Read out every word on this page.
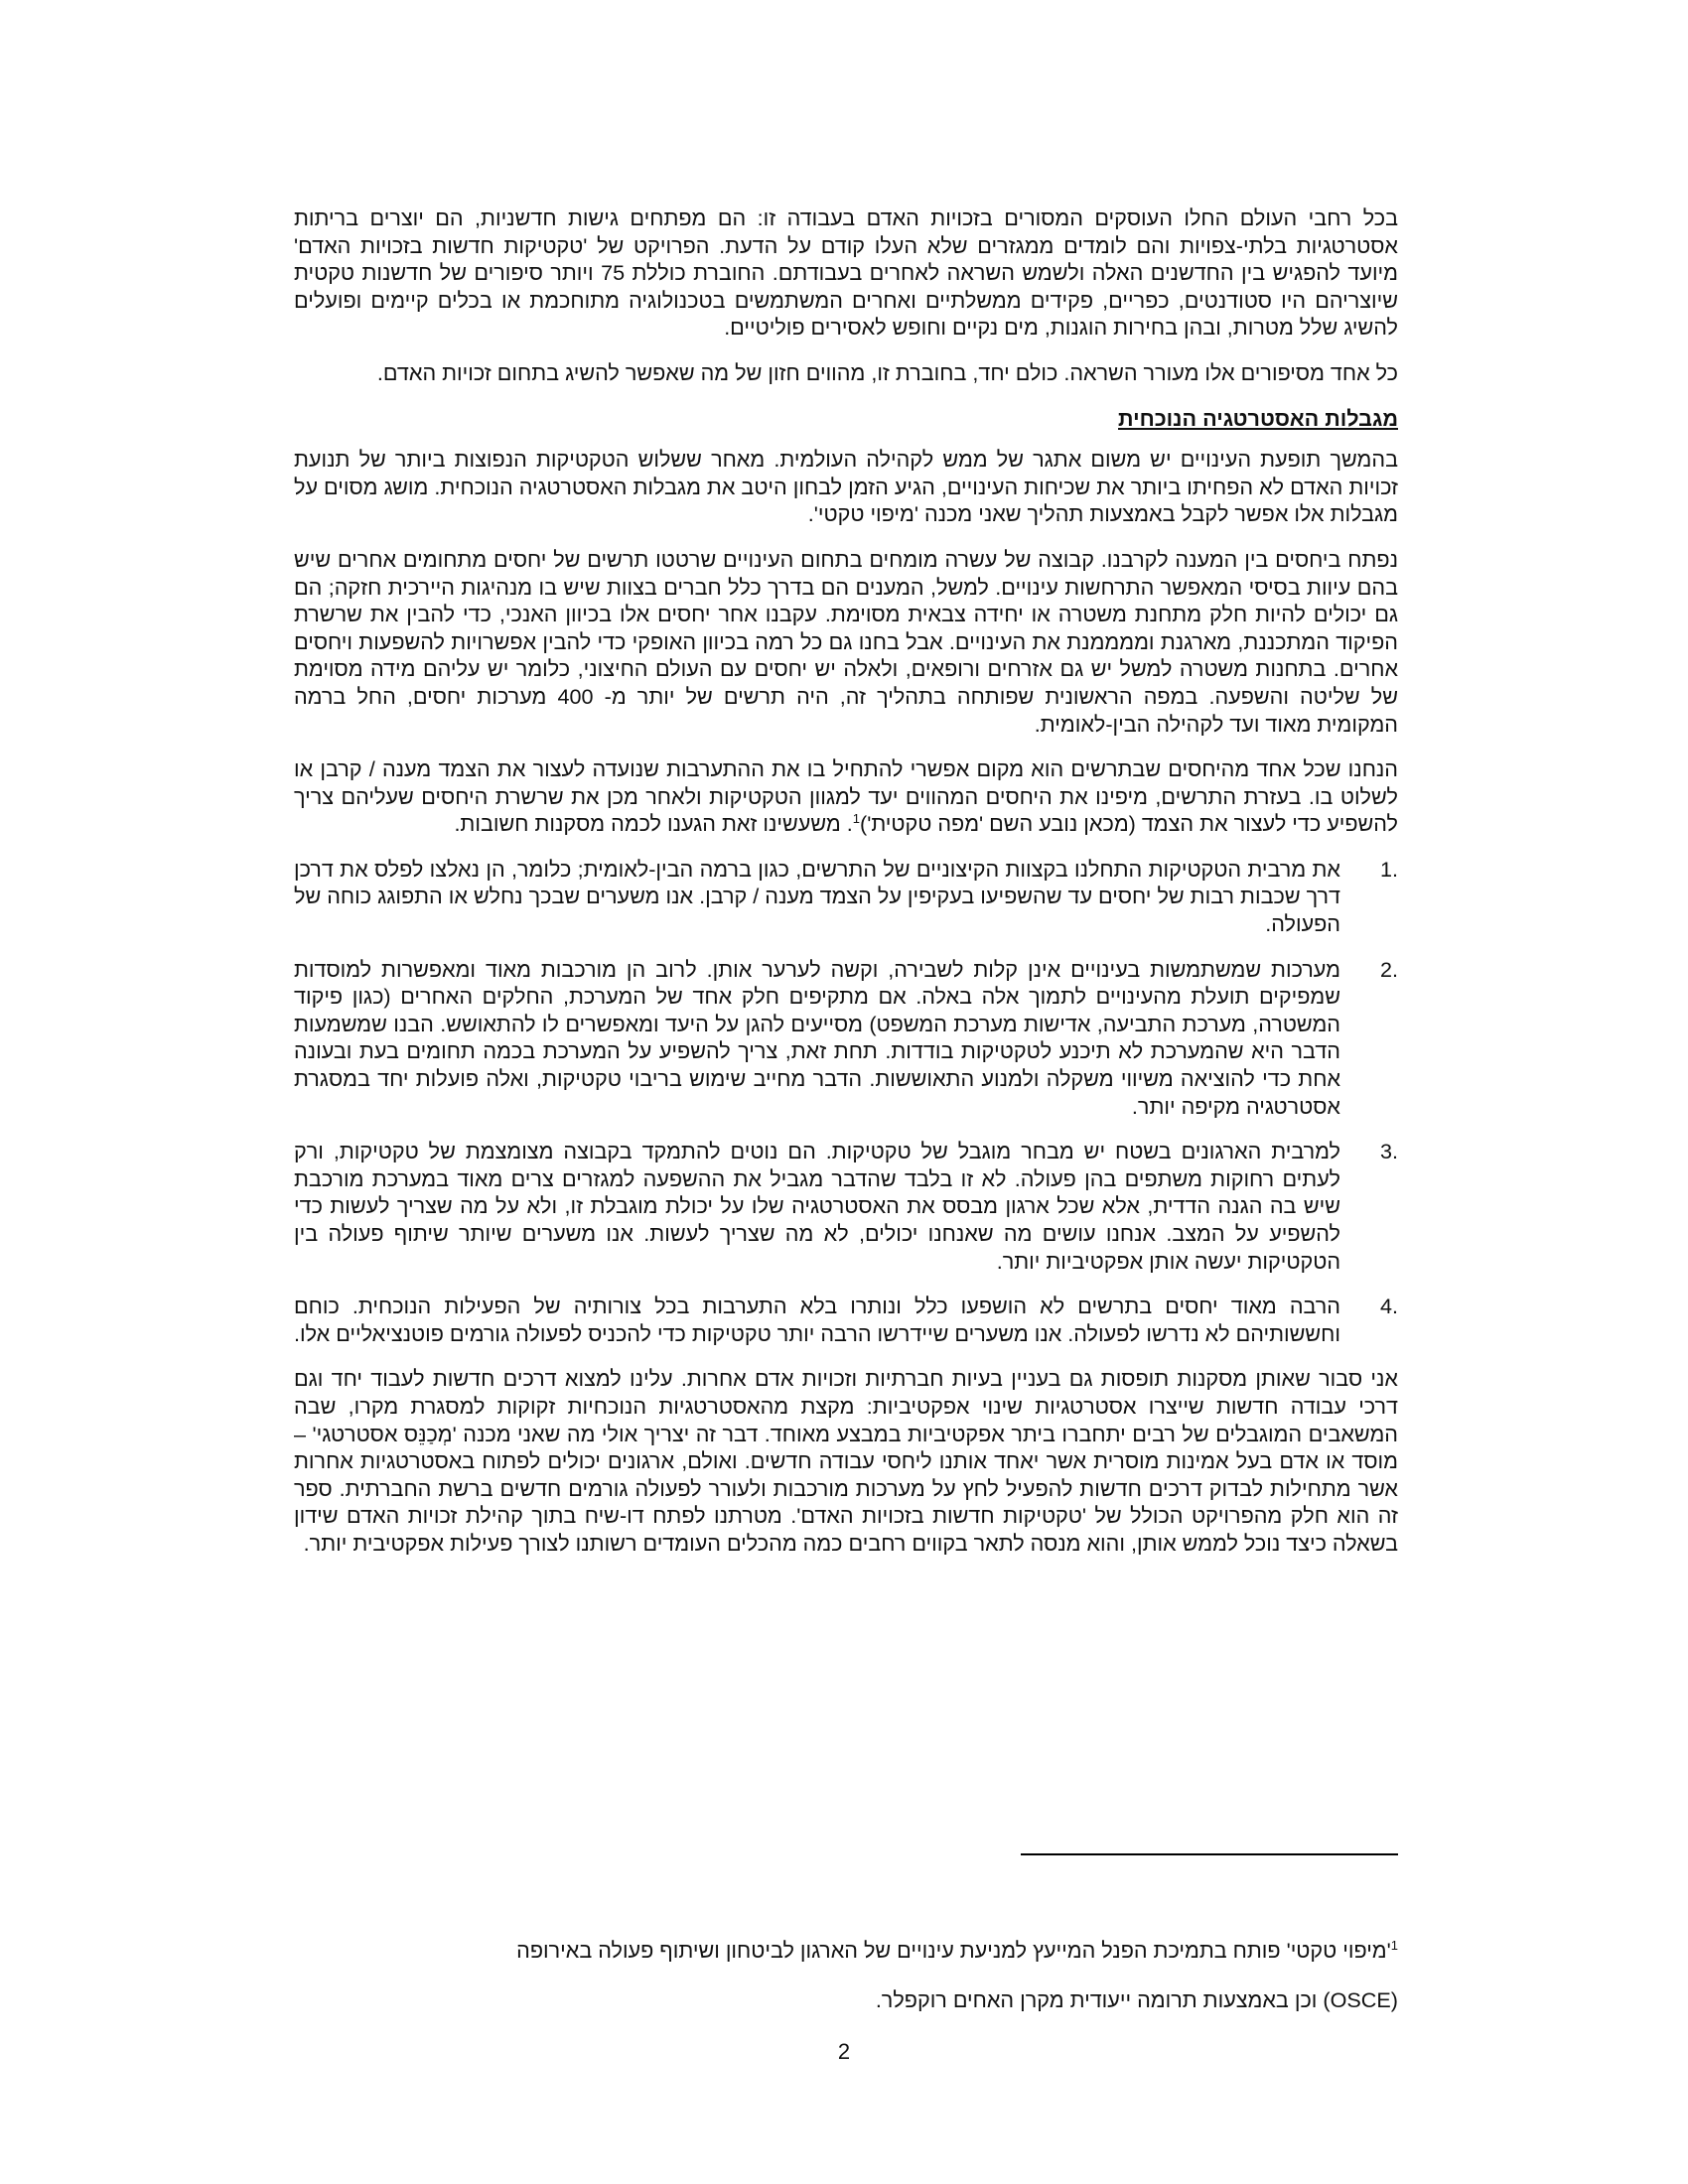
בכל רחבי העולם החלו העוסקים המסורים בזכויות האדם בעבודה זו: הם מפתחים גישות חדשניות, הם יוצרים בריתות אסטרטגיות בלתי-צפויות והם לומדים ממגזרים שלא העלו קודם על הדעת. הפרויקט של 'טקטיקות חדשות בזכויות האדם' מיועד להפגיש בין החדשנים האלה ולשמש השראה לאחרים בעבודתם. החוברת כוללת 75 ויותר סיפורים של חדשנות טקטית שיוצריהם היו סטודנטים, כפריים, פקידים ממשלתיים ואחרים המשתמשים בטכנולוגיה מתוחכמת או בכלים קיימים ופועלים להשיג שלל מטרות, ובהן בחירות הוגנות, מים נקיים וחופש לאסירים פוליטיים.

כל אחד מסיפורים אלו מעורר השראה. כולם יחד, בחוברת זו, מהווים חזון של מה שאפשר להשיג בתחום זכויות האדם.

מגבלות האסטרטגיה הנוכחית

בהמשך תופעת העינויים יש משום אתגר של ממש לקהילה העולמית. מאחר ששלוש הטקטיקות הנפוצות ביותר של תנועת זכויות האדם לא הפחיתו ביותר את שכיחות העינויים, הגיע הזמן לבחון היטב את מגבלות האסטרטגיה הנוכחית. מושג מסוים על מגבלות אלו אפשר לקבל באמצעות תהליך שאני מכנה 'מיפוי טקטי'.

נפתח ביחסים בין המענה לקרבנו. קבוצה של עשרה מומחים בתחום העינויים שרטטו תרשים של יחסים מתחומים אחרים שיש בהם עיוות בסיסי המאפשר התרחשות עינויים. למשל, המענים הם בדרך כלל חברים בצוות שיש בו מנהיגות היירכית חזקה; הם גם יכולים להיות חלק מתחנת משטרה או יחידה צבאית מסוימת. עקבנו אחר יחסים אלו בכיוון האנכי, כדי להבין את שרשרת הפיקוד המתכננת, מארגנת וממממנת את העינויים. אבל בחנו גם כל רמה בכיוון האופקי כדי להבין אפשרויות להשפעות ויחסים אחרים. בתחנות משטרה למשל יש גם אזרחים ורופאים, ולאלה יש יחסים עם העולם החיצוני, כלומר יש עליהם מידה מסוימת של שליטה והשפעה. במפה הראשונית שפותחה בתהליך זה, היה תרשים של יותר מ- 400 מערכות יחסים, החל ברמה המקומית מאוד ועד לקהילה הבין-לאומית.

הנחנו שכל אחד מהיחסים שבתרשים הוא מקום אפשרי להתחיל בו את ההתערבות שנועדה לעצור את הצמד מענה / קרבן או לשלוט בו. בעזרת התרשים, מיפינו את היחסים המהווים יעד למגוון הטקטיקות ולאחר מכן את שרשרת היחסים שעליהם צריך להשפיע כדי לעצור את הצמד (מכאן נובע השם 'מפה טקטית')$^1$. משעשינו זאת הגענו לכמה מסקנות חשובות.

1.
את מרבית הטקטיקות התחלנו בקצוות הקיצוניים של התרשים, כגון ברמה הבין-לאומית; כלומר, הן נאלצו לפלס את דרכן דרך שכבות רבות של יחסים עד שהשפיעו בעקיפין על הצמד מענה / קרבן. אנו משערים שבכך נחלש או התפוגג כוחה של הפעולה.
2.
מערכות שמשתמשות בעינויים אינן קלות לשבירה, וקשה לערער אותן. לרוב הן מורכבות מאוד ומאפשרות למוסדות שמפיקים תועלת מהעינויים לתמוך אלה באלה. אם מתקיפים חלק אחד של המערכת, החלקים האחרים (כגון פיקוד המשטרה, מערכת התביעה, אדישות מערכת המשפט) מסייעים להגן על היעד ומאפשרים לו להתאושש. הבנו שמשמעות הדבר היא שהמערכת לא תיכנע לטקטיקות בודדות. תחת זאת, צריך להשפיע על המערכת בכמה תחומים בעת ובעונה אחת כדי להוציאה משיווי משקלה ולמנוע התאוששות. הדבר מחייב שימוש בריבוי טקטיקות, ואלה פועלות יחד במסגרת אסטרטגיה מקיפה יותר.
3.
למרבית הארגונים בשטח יש מבחר מוגבל של טקטיקות. הם נוטים להתמקד בקבוצה מצומצמת של טקטיקות, ורק לעתים רחוקות משתפים בהן פעולה. לא זו בלבד שהדבר מגביל את ההשפעה למגזרים צרים מאוד במערכת מורכבת שיש בה הגנה הדדית, אלא שכל ארגון מבסס את האסטרטגיה שלו על יכולת מוגבלת זו, ולא על מה שצריך לעשות כדי להשפיע על המצב. אנחנו עושים מה שאנחנו יכולים, לא מה שצריך לעשות. אנו משערים שיותר שיתוף פעולה בין הטקטיקות יעשה אותן אפקטיביות יותר.
4.
הרבה מאוד יחסים בתרשים לא הושפעו כלל ונותרו בלא התערבות בכל צורותיה של הפעילות הנוכחית. כוחם וחששותיהם לא נדרשו לפעולה. אנו משערים שיידרשו הרבה יותר טקטיקות כדי להכניס לפעולה גורמים פוטנציאליים אלו.

אני סבור שאותן מסקנות תופסות גם בעניין בעיות חברתיות וזכויות אדם אחרות. עלינו למצוא דרכים חדשות לעבוד יחד וגם דרכי עבודה חדשות שייצרו אסטרטגיות שינוי אפקטיביות: מקצת מהאסטרטגיות הנוכחיות זקוקות למסגרת מקרו, שבה המשאבים המוגבלים של רבים יתחברו ביתר אפקטיביות במבצע מאוחד. דבר זה יצריך אולי מה שאני מכנה 'מְכַנֵּס אסטרטגי' – מוסד או אדם בעל אמינות מוסרית אשר יאחד אותנו ליחסי עבודה חדשים. ואולם, ארגונים יכולים לפתוח באסטרטגיות אחרות אשר מתחילות לבדוק דרכים חדשות להפעיל לחץ על מערכות מורכבות ולעורר לפעולה גורמים חדשים ברשת החברתית. ספר זה הוא חלק מהפרויקט הכולל של 'טקטיקות חדשות בזכויות האדם'. מטרתנו לפתח דו-שיח בתוך קהילת זכויות האדם שידון בשאלה כיצד נוכל לממש אותן, והוא מנסה לתאר בקווים רחבים כמה מהכלים העומדים רשותנו לצורך פעילות אפקטיבית יותר.

$^1$'מיפוי טקטי' פותח בתמיכת הפנל המייעץ למניעת עינויים של הארגון לביטחון ושיתוף פעולה באירופה

(OSCE) וכן באמצעות תרומה ייעודית מקרן האחים רוקפלר.

2
